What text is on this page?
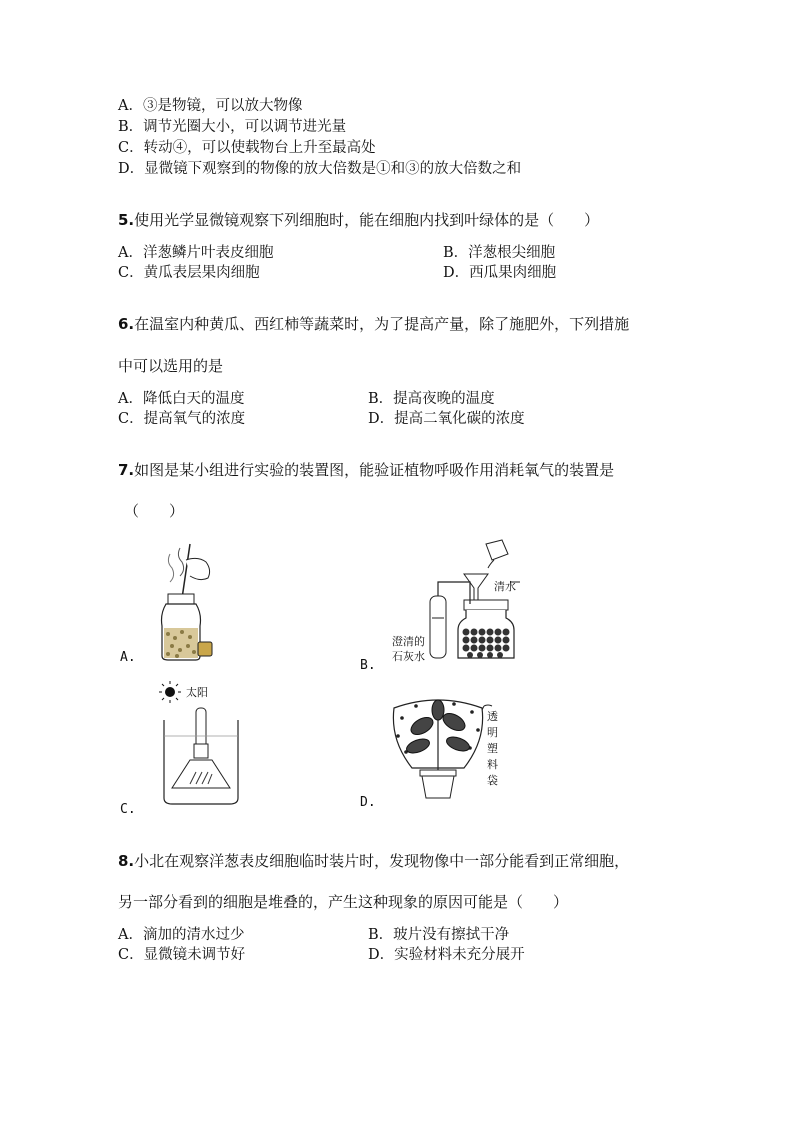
A．③是物镜，可以放大物像
B．调节光圈大小，可以调节进光量
C．转动④，可以使载物台上升至最高处
D．显微镜下观察到的物像的放大倍数是①和③的放大倍数之和
5.使用光学显微镜观察下列细胞时，能在细胞内找到叶绿体的是（　　）
A．洋葱鳞片叶表皮细胞	B．洋葱根尖细胞
C．黄瓜表层果肉细胞	D．西瓜果肉细胞
6.在温室内种黄瓜、西红柿等蔬菜时，为了提高产量，除了施肥外，下列措施
中可以选用的是
A．降低白天的温度	B．提高夜晚的温度
C．提高氧气的浓度	D．提高二氧化碳的浓度
7.如图是某小组进行实验的装置图，能验证植物呼吸作用消耗氧气的装置是
（　　）
A.
B.
清水
澄清的
石灰水
C.
太阳
D.
透
明
塑
料
袋
8.小北在观察洋葱表皮细胞临时装片时，发现物像中一部分能看到正常细胞，
另一部分看到的细胞是堆叠的，产生这种现象的原因可能是（　　）
A．滴加的清水过少	B．玻片没有擦拭干净
C．显微镜未调节好	D．实验材料未充分展开
